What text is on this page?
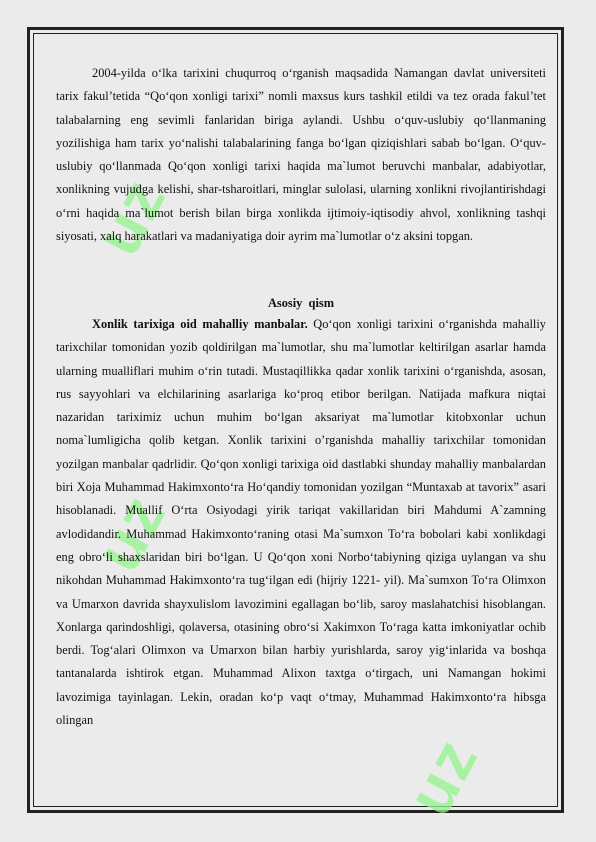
uz
uz
uz

2004-yilda o‘lka tarixini chuqurroq o‘rganish maqsadida Namangan davlat universiteti tarix fakul’tetida “Qo‘qon xonligi tarixi” nomli maxsus kurs tashkil etildi va tez orada fakul’tet talabalarning eng sevimli fanlaridan biriga aylandi. Ushbu o‘quv-uslubiy qo‘llanmaning yozilishiga ham tarix yo‘nalishi talabalarining fanga bo‘lgan qiziqishlari sabab bo‘lgan. O‘quv-uslubiy qo‘llanmada Qo‘qon xonligi tarixi haqida ma`lumot beruvchi manbalar, adabiyotlar, xonlikning vujudga kelishi, shar-tsharoitlari, minglar sulolasi, ularning xonlikni rivojlantirishdagi o‘rni haqida ma`lumot berish bilan birga xonlikda ijtimoiy-iqtisodiy ahvol, xonlikning tashqi siyosati, xalq harakatlari va madaniyatiga doir ayrim ma`lumotlar o‘z aksini topgan.

Asosiy  qism

Xonlik tarixiga oid mahalliy manbalar. Qo‘qon xonligi tarixini o‘rganishda mahalliy tarixchilar tomonidan yozib qoldirilgan ma`lumotlar, shu ma`lumotlar keltirilgan asarlar hamda ularning mualliflari muhim o‘rin tutadi. Mustaqillikka qadar xonlik tarixini o‘rganishda, asosan, rus sayyohlari va elchilarining asarlariga ko‘proq etibor berilgan. Natijada mafkura niqtai nazaridan tariximiz uchun muhim bo‘lgan aksariyat ma`lumotlar kitobxonlar uchun noma`lumligicha qolib ketgan. Xonlik tarixini o’rganishda mahalliy tarixchilar tomonidan yozilgan manbalar qadrlidir. Qo‘qon xonligi tarixiga oid dastlabki shunday mahalliy manbalardan biri Xoja Muhammad Hakimxonto‘ra Ho‘qandiy tomonidan yozilgan “Muntaxab at tavorix” asari hisoblanadi. Muallif O‘rta Osiyodagi yirik tariqat vakillaridan biri Mahdumi A`zamning avlodidandir. Muhammad Hakimxonto‘raning otasi Ma`sumxon To‘ra bobolari kabi xonlikdagi eng obro‘li shaxslaridan biri bo‘lgan. U Qo‘qon xoni Norbo‘tabiyning qiziga uylangan va shu nikohdan Muhammad Hakimxonto‘ra tug‘ilgan edi (hijriy 1221- yil). Ma`sumxon To‘ra Olimxon va Umarxon davrida shayxulislom lavozimini egallagan bo‘lib, saroy maslahatchisi hisoblangan. Xonlarga qarindoshligi, qolaversa, otasining obro‘si Xakimxon To‘raga katta imkoniyatlar ochib berdi. Tog‘alari Olimxon va Umarxon bilan harbiy yurishlarda, saroy yig‘inlarida va boshqa tantanalarda ishtirok etgan. Muhammad Alixon taxtga o‘tirgach, uni Namangan hokimi lavozimiga tayinlagan. Lekin, oradan ko‘p vaqt o‘tmay, Muhammad Hakimxonto‘ra hibsga olingan
